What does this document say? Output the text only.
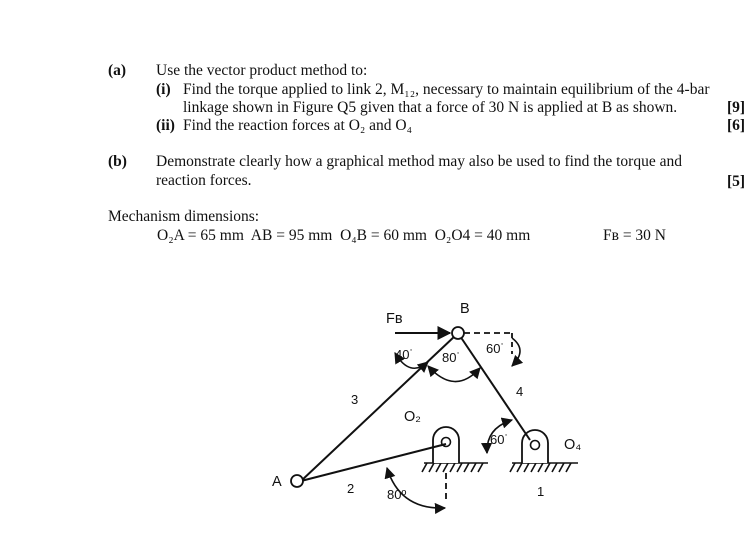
(a) Use the vector product method to:
(i) Find the torque applied to link 2, M₁₂, necessary to maintain equilibrium of the 4-bar
linkage shown in Figure Q5 given that a force of 30 N is applied at B as shown.	[9]
(ii) Find the reaction forces at O₂ and O₄	[6]
(b) Demonstrate clearly how a graphical method may also be used to find the torque and
reaction forces.	[5]
Mechanism dimensions:
O₂A = 65 mm  AB = 95 mm  O₄B = 60 mm  O₂O4 = 40 mm	Fʙ = 30 N
B
Fʙ
40˙ 80˙
60˙
3
4
O₂
60˙	O₄
A	2	80º	1
